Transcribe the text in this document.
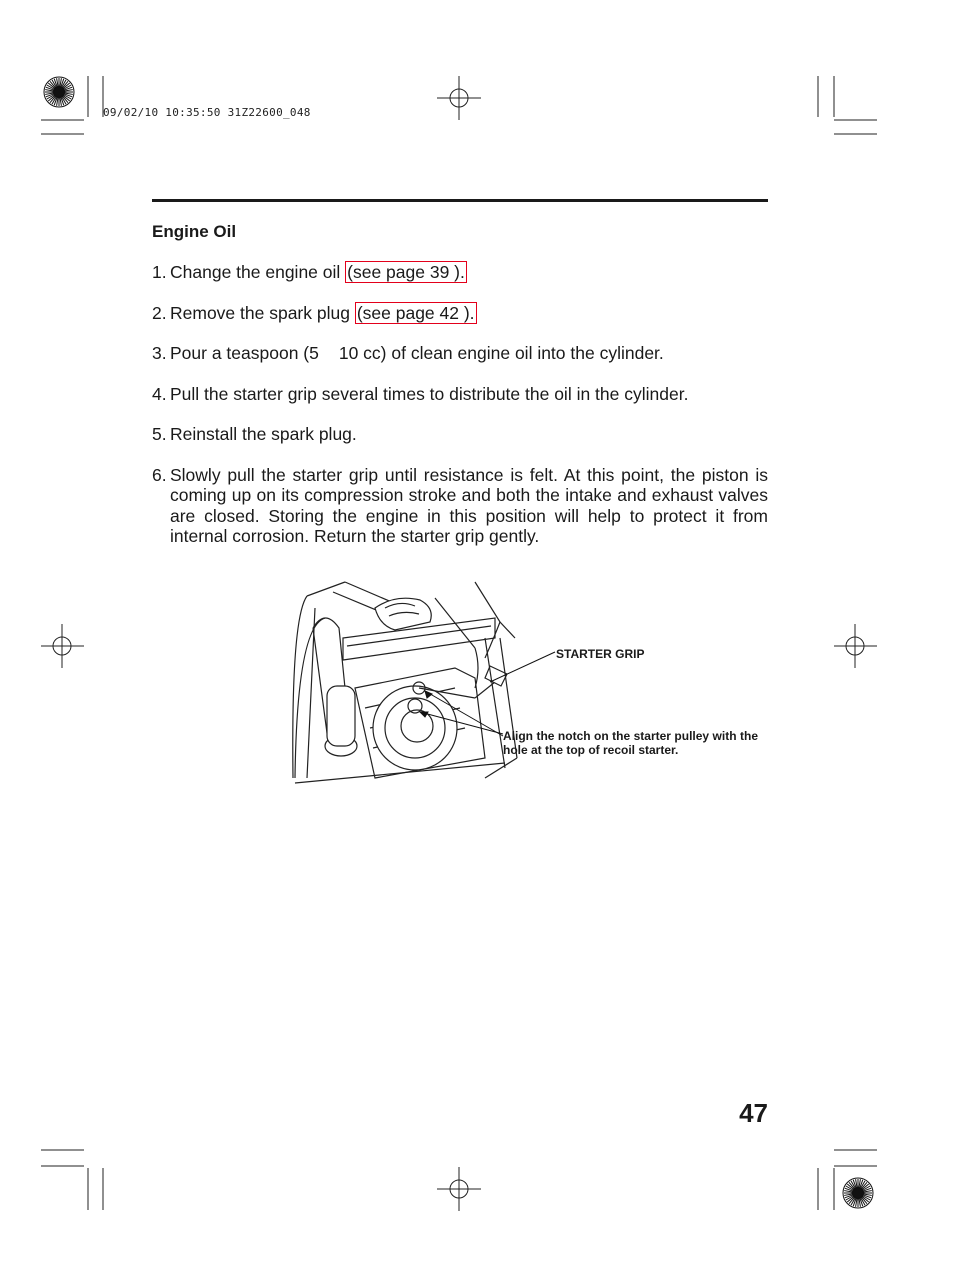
09/02/10 10:35:50 31Z22600_048
Engine Oil
1. Change the engine oil (see page 39 ).
2. Remove the spark plug (see page 42 ).
3. Pour a teaspoon (5 10 cc) of clean engine oil into the cylinder.
4. Pull the starter grip several times to distribute the oil in the cylinder.
5. Reinstall the spark plug.
6. Slowly pull the starter grip until resistance is felt. At this point, the piston is coming up on its compression stroke and both the intake and exhaust valves are closed. Storing the engine in this position will help to protect it from internal corrosion. Return the starter grip gently.
STARTER GRIP
Align the notch on the starter pulley with the hole at the top of recoil starter.
47
